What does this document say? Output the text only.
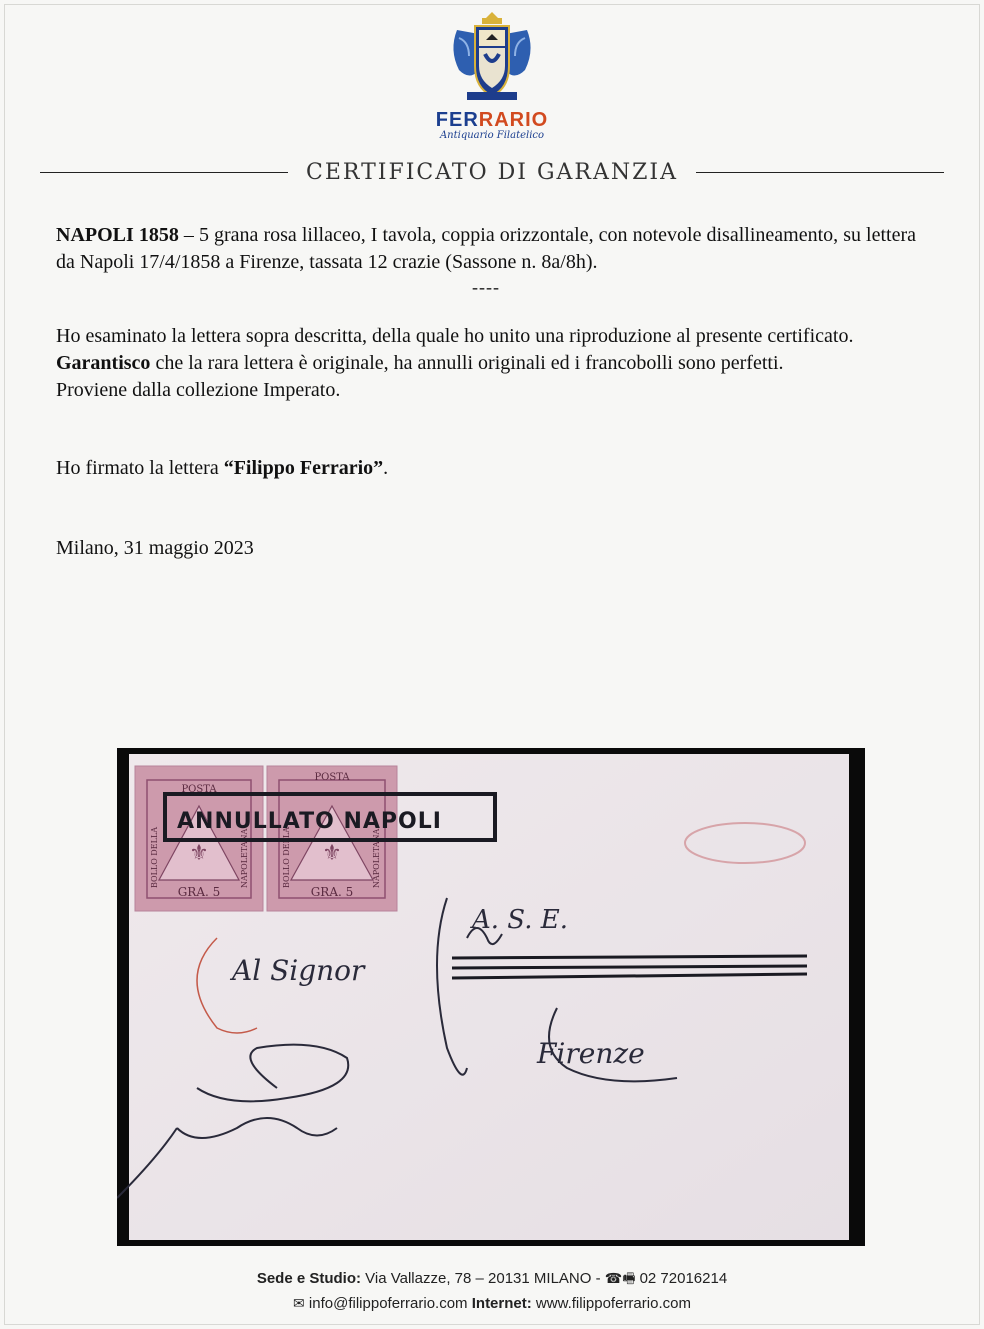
FERRARIO
Antiquario Filatelico
CERTIFICATO DI GARANZIA

NAPOLI 1858 – 5 grana rosa lillaceo, I tavola, coppia orizzontale, con notevole disallineamento, su lettera da Napoli 17/4/1858 a Firenze, tassata 12 crazie (Sassone n. 8a/8h).

----

Ho esaminato la lettera sopra descritta, della quale ho unito una riproduzione al presente certificato.

Garantisco che la rara lettera è originale, ha annulli originali ed i francobolli sono perfetti.

Proviene dalla collezione Imperato.

Ho firmato la lettera “Filippo Ferrario”.

Milano, 31 maggio 2023

POSTA
⚜
GRA. 5
BOLLO DELLA	NAPOLETANA
POSTA
⚜
GRA. 5
BOLLO DELLA	NAPOLETANA
ANNULLATO NAPOLI
A. S. E.
Al Signor
Firenze

Sede e Studio: Via Vallazze, 78 – 20131 MILANO - ☎🖷 02 72016214

✉ info@filippoferrario.com Internet: www.filippoferrario.com
